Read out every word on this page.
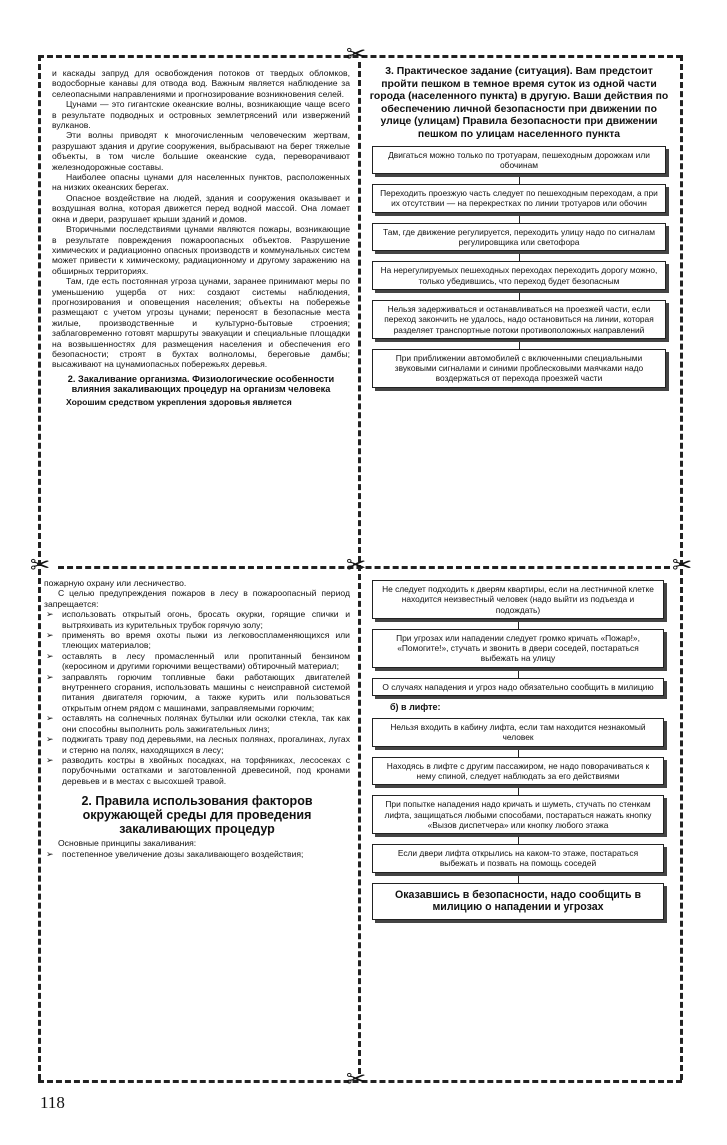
✂
✂	✂	✂
✂

и каскады запруд для освобождения потоков от твердых обломков, водосборные канавы для отвода вод. Важным является наблюдение за селеопасными направлениями и прогнозирование возникновения селей.

Цунами — это гигантские океанские волны, возникающие чаще всего в результате подводных и островных землетрясений или извержений вулканов.

Эти волны приводят к многочисленным человеческим жертвам, разрушают здания и другие сооружения, выбрасывают на берег тяжелые объекты, в том числе большие океанские суда, переворачивают железнодорожные составы.

Наиболее опасны цунами для населенных пунктов, расположенных на низких океанских берегах.

Опасное воздействие на людей, здания и сооружения оказывает и воздушная волна, которая движется перед водной массой. Она ломает окна и двери, разрушает крыши зданий и домов.

Вторичными последствиями цунами являются пожары, возникающие в результате повреждения пожароопасных объектов. Разрушение химических и радиационно опасных производств и коммунальных систем может привести к химическому, радиационному и другому заражению на обширных территориях.

Там, где есть постоянная угроза цунами, заранее принимают меры по уменьшению ущерба от них: создают системы наблюдения, прогнозирования и оповещения населения; объекты на побережье размещают с учетом угрозы цунами; переносят в безопасные места жилые, производственные и культурно-бытовые строения; заблаговременно готовят маршруты эвакуации и специальные площадки на возвышенностях для размещения населения и обеспечения его безопасности; строят в бухтах волноломы, береговые дамбы; высаживают на цунамиопасных побережьях деревья.

2. Закаливание организма. Физиологические особенности влияния закаливающих процедур на организм человека

Хорошим средством укрепления здоровья является

3. Практическое задание (ситуация). Вам предстоит пройти пешком в темное время суток из одной части города (населенного пункта) в другую. Ваши действия по обеспечению личной безопасности при движении по улице (улицам) Правила безопасности при движении пешком по улицам населенного пункта
Двигаться можно только по тротуарам, пешеходным дорожкам или обочинам
Переходить проезжую часть следует по пешеходным переходам, а при их отсутствии — на перекрестках по линии тротуаров или обочин
Там, где движение регулируется, переходить улицу надо по сигналам регулировщика или светофора
На нерегулируемых пешеходных переходах переходить дорогу можно, только убедившись, что переход будет безопасным
Нельзя задерживаться и останавливаться на проезжей части, если переход закончить не удалось, надо остановиться на линии, которая разделяет транспортные потоки противоположных направлений
При приближении автомобилей с включенными специальными звуковыми сигналами и синими проблесковыми маячками надо воздержаться от перехода проезжей части

пожарную охрану или лесничество.

С целью предупреждения пожаров в лесу в пожароопасный период запрещается:

➢ использовать открытый огонь, бросать окурки, горящие спички и вытряхивать из курительных трубок горячую золу;
➢ применять во время охоты пыжи из легковоспламеняющихся или тлеющих материалов;
➢ оставлять в лесу промасленный или пропитанный бензином (керосином и другими горючими веществами) обтирочный материал;
➢ заправлять горючим топливные баки работающих двигателей внутреннего сгорания, использовать машины с неисправной системой питания двигателя горючим, а также курить или пользоваться открытым огнем рядом с машинами, заправляемыми горючим;
➢ оставлять на солнечных полянах бутылки или осколки стекла, так как они способны выполнить роль зажигательных линз;
➢ поджигать траву под деревьями, на лесных полянах, прогалинах, лугах и стерню на полях, находящихся в лесу;
➢ разводить костры в хвойных посадках, на торфяниках, лесосеках с порубочными остатками и заготовленной древесиной, под кронами деревьев и в местах с высохшей травой.
2. Правила использования факторов окружающей среды для проведения закаливающих процедур

Основные принципы закаливания:

➢ постепенное увеличение дозы закаливающего воздействия;
Не следует подходить к дверям квартиры, если на лестничной клетке находится неизвестный человек (надо выйти из подъезда и подождать)
При угрозах или нападении следует громко кричать «Пожар!», «Помогите!», стучать и звонить в двери соседей, постараться выбежать на улицу
О случаях нападения и угроз надо обязательно сообщить в милицию
б) в лифте:
Нельзя входить в кабину лифта, если там находится незнакомый человек
Находясь в лифте с другим пассажиром, не надо поворачиваться к нему спиной, следует наблюдать за его действиями
При попытке нападения надо кричать и шуметь, стучать по стенкам лифта, защищаться любыми способами, постараться нажать кнопку «Вызов диспетчера» или кнопку любого этажа
Если двери лифта открылись на каком-то этаже, постараться выбежать и позвать на помощь соседей
Оказавшись в безопасности, надо сообщить в милицию о нападении и угрозах
118
